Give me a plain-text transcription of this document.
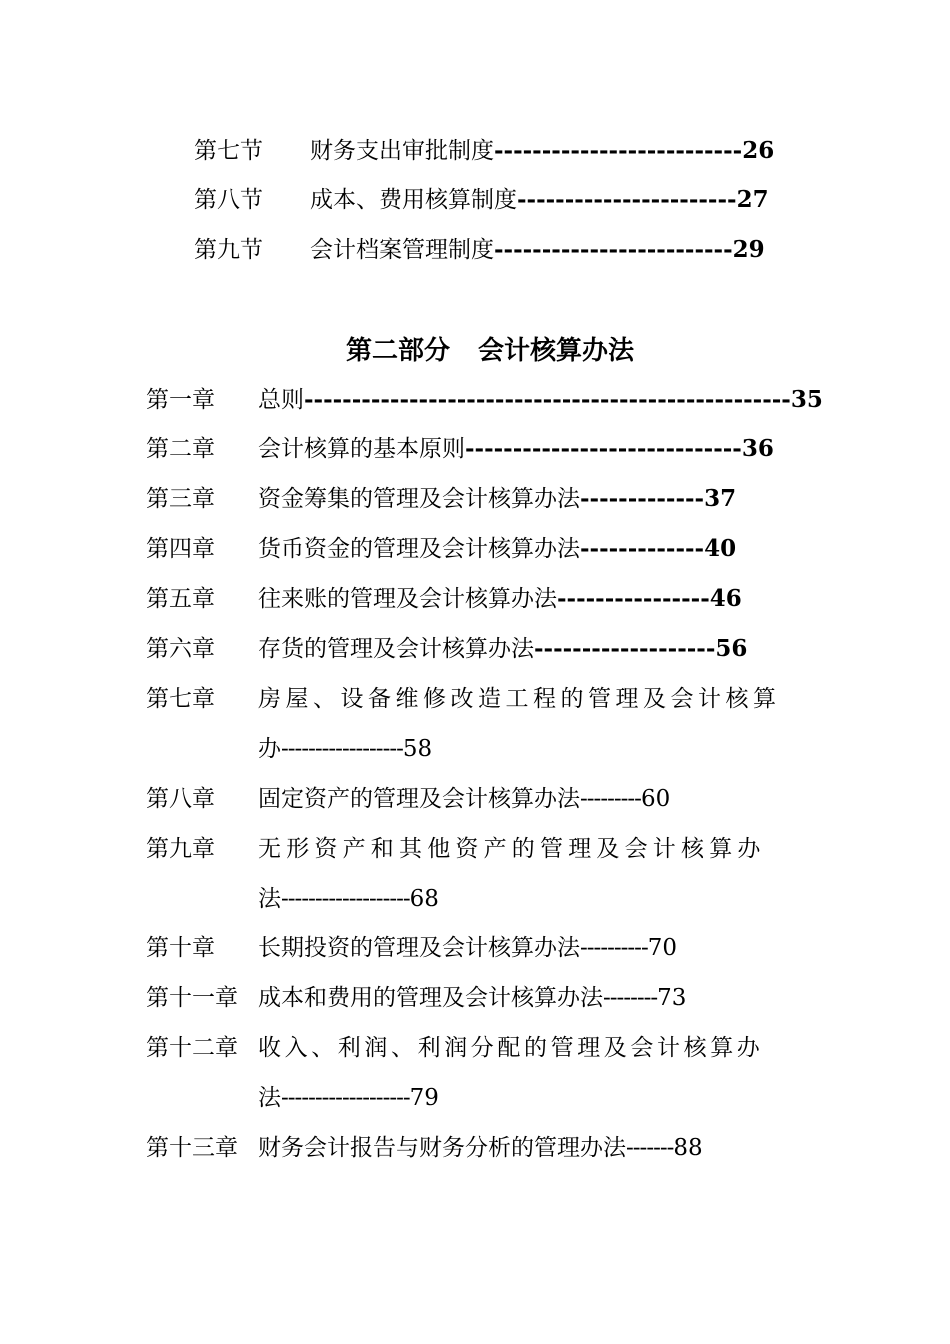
第七节 财务支出审批制度--------------------------26
第八节 成本、费用核算制度-----------------------27
第九节 会计档案管理制度-------------------------29
第二部分 会计核算办法
第一章 总则---------------------------------------------------35
第二章 会计核算的基本原则-----------------------------36
第三章 资金筹集的管理及会计核算办法-------------37
第四章 货币资金的管理及会计核算办法-------------40
第五章 往来账的管理及会计核算办法----------------46
第六章 存货的管理及会计核算办法-------------------56
第七章 房屋、设备维修改造工程的管理及会计核算
办------------------58
第八章 固定资产的管理及会计核算办法---------60
第九章 无形资产和其他资产的管理及会计核算办
法-------------------68
第十章 长期投资的管理及会计核算办法----------70
第十一章 成本和费用的管理及会计核算办法--------73
第十二章 收入、利润、利润分配的管理及会计核算办
法-------------------79
第十三章 财务会计报告与财务分析的管理办法-------88
